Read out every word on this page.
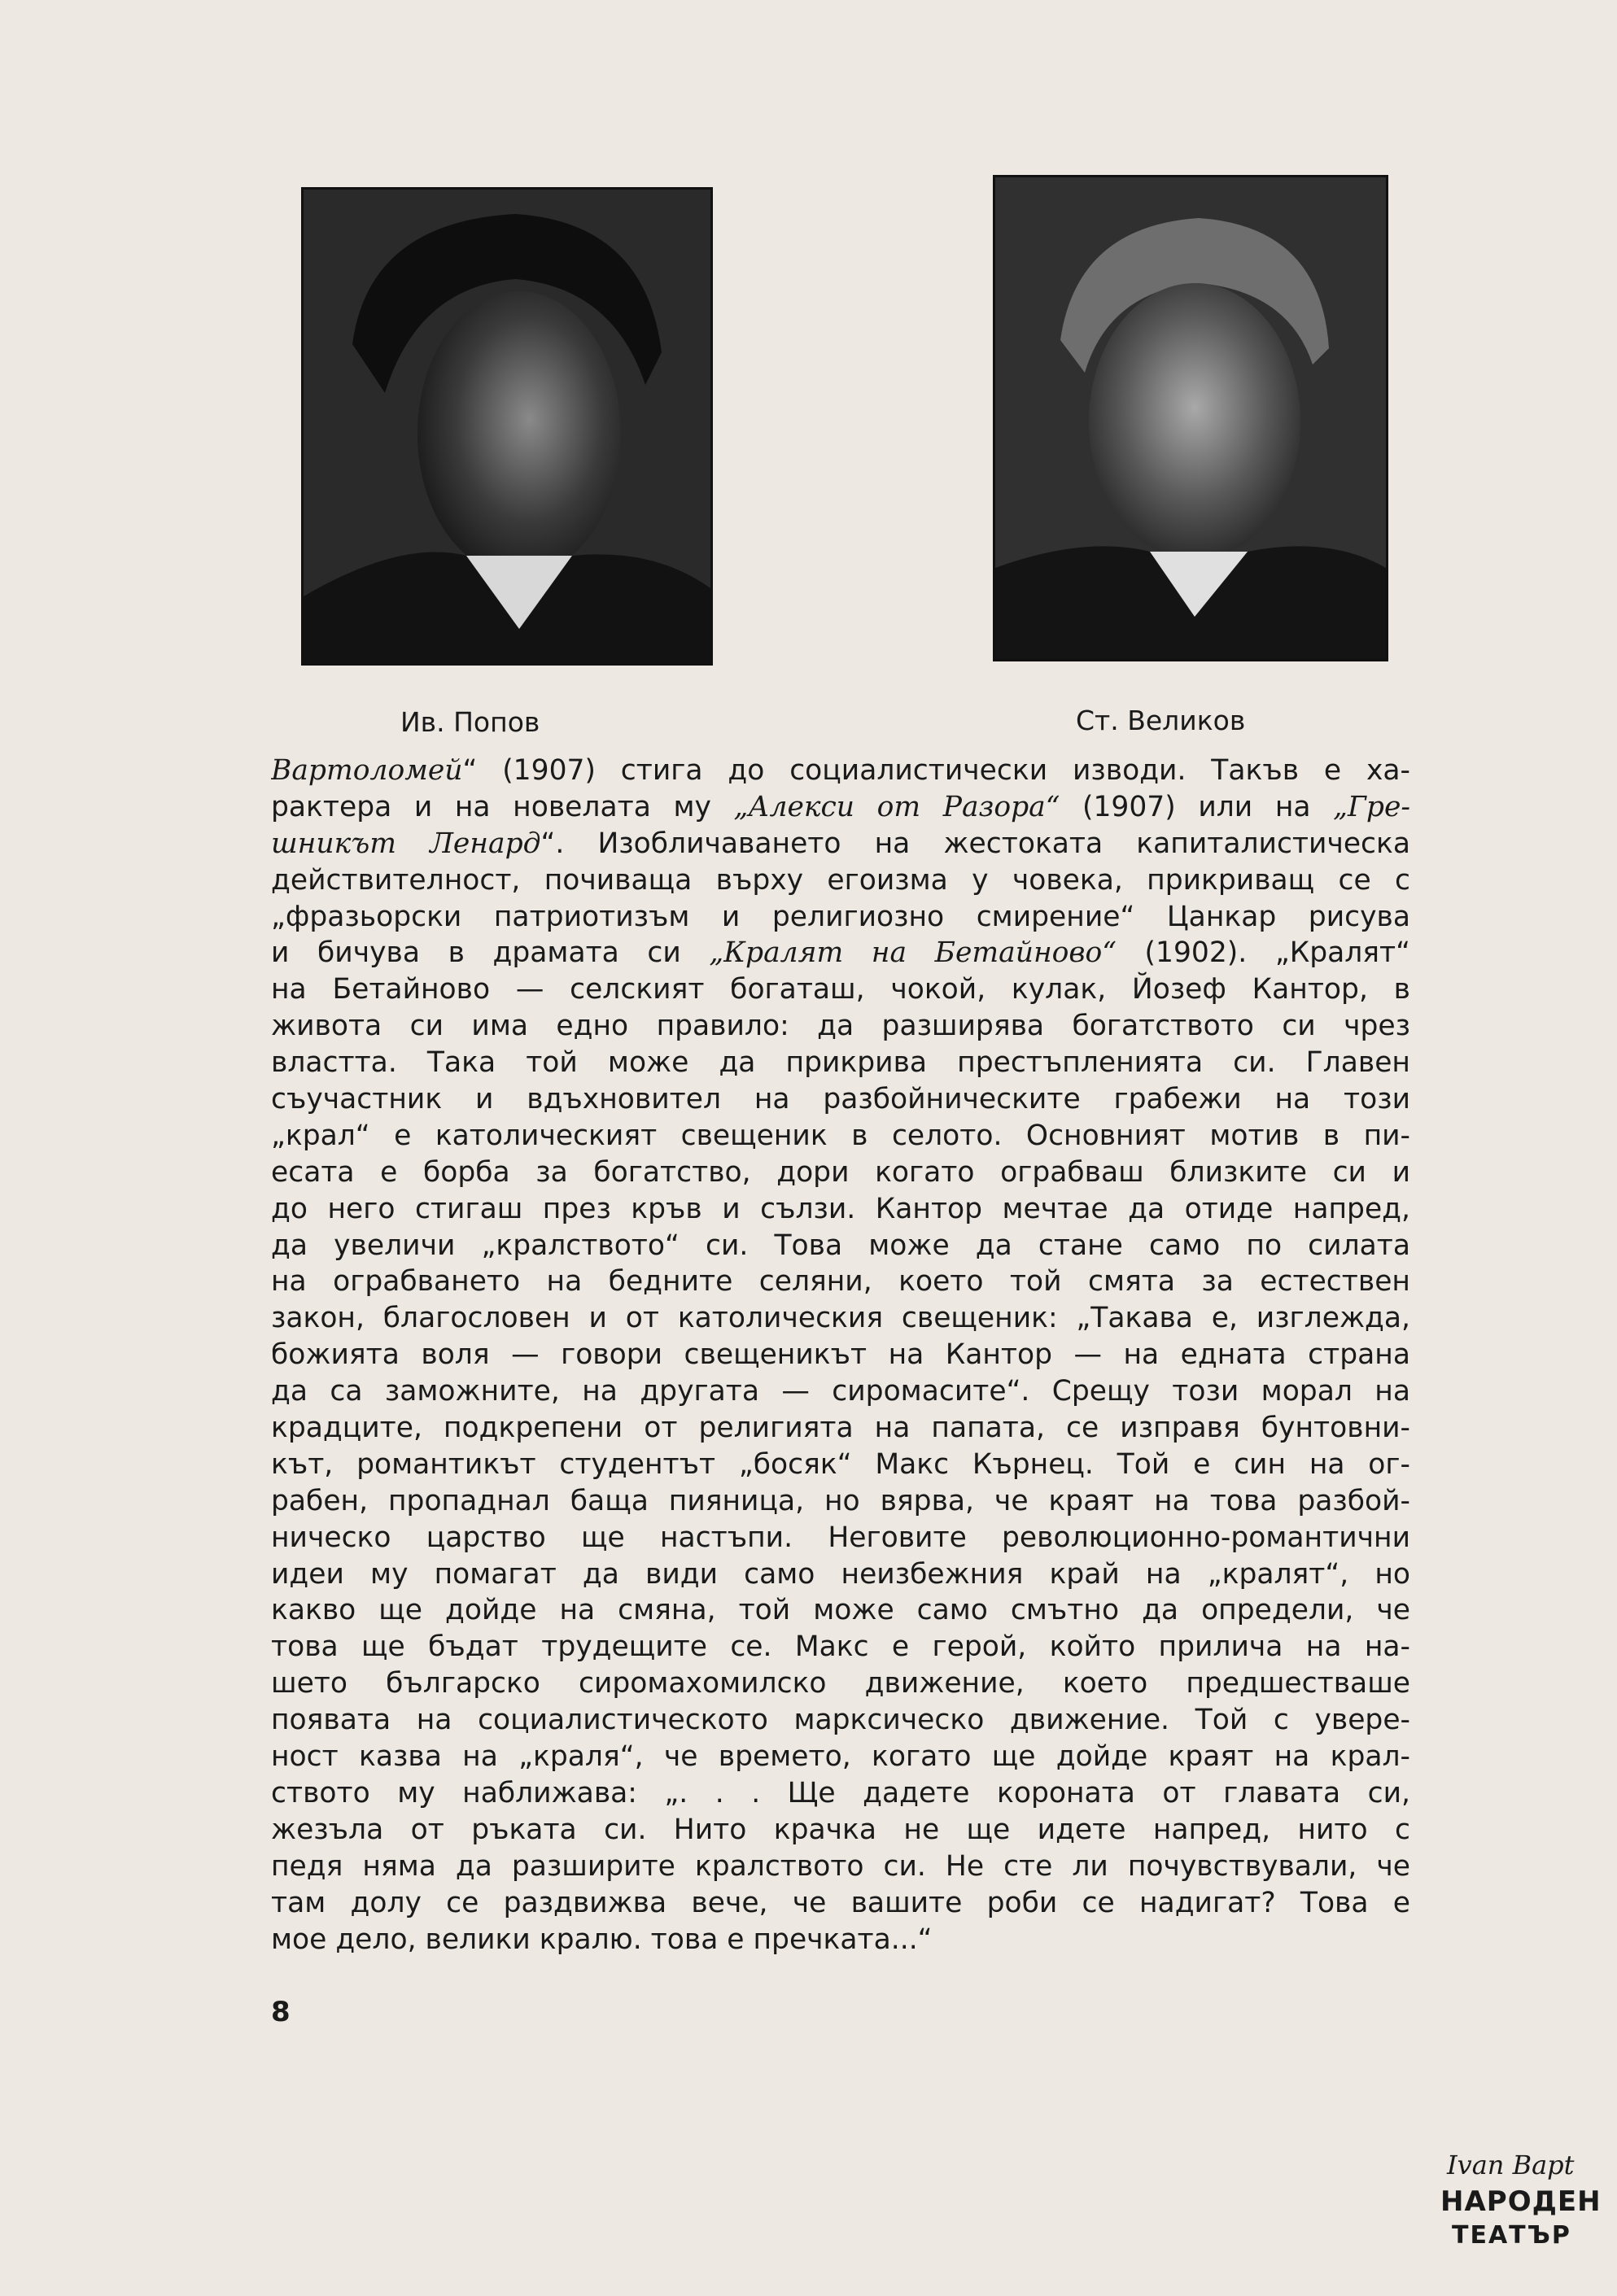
Ив. Попов	Ст. Великов
Вартоломей“ (1907) стига до социалистически изводи. Такъв е ха-
рактера и на новелата му „Алекси от Разора“ (1907) или на „Гре-
шникът Ленард“. Изобличаването на жестоката капиталистическа
действителност, почиваща върху егоизма у човека, прикриващ се с
„фразьорски патриотизъм и религиозно смирение“ Цанкар рисува
и бичува в драмата си „Кралят на Бетайново“ (1902). „Кралят“
на Бетайново — селският богаташ, чокой, кулак, Йозеф Кантор, в
живота си има едно правило: да разширява богатството си чрез
властта. Така той може да прикрива престъпленията си. Главен
съучастник и вдъхновител на разбойническите грабежи на този
„крал“ е католическият свещеник в селото. Основният мотив в пи-
есата е борба за богатство, дори когато ограбваш близките си и
до него стигаш през кръв и сълзи. Кантор мечтае да отиде напред,
да увеличи „кралството“ си. Това може да стане само по силата
на ограбването на бедните селяни, което той смята за естествен
закон, благословен и от католическия свещеник: „Такава е, изглежда,
божията воля — говори свещеникът на Кантор — на едната страна
да са заможните, на другата — сиромасите“. Срещу този морал на
крадците, подкрепени от религията на папата, се изправя бунтовни-
кът, романтикът студентът „босяк“ Макс Кърнец. Той е син на ог-
рабен, пропаднал баща пияница, но вярва, че краят на това разбой-
ническо царство ще настъпи. Неговите революционно-романтични
идеи му помагат да види само неизбежния край на „кралят“, но
какво ще дойде на смяна, той може само смътно да определи, че
това ще бъдат трудещите се. Макс е герой, който прилича на на-
шето българско сиромахомилско движение, което предшестваше
появата на социалистическото марксическо движение. Той с увере-
ност казва на „краля“, че времето, когато ще дойде краят на крал-
ството му наближава: „. . . Ще дадете короната от главата си,
жезъла от ръката си. Нито крачка не ще идете напред, нито с
педя няма да разширите кралството си. Не сте ли почувствували, че
там долу се раздвижва вече, че вашите роби се надигат? Това е
мое дело, велики кралю. това е пречката...“
8
Ivan Bapt
НАРОДЕН
ТЕАТЪР
